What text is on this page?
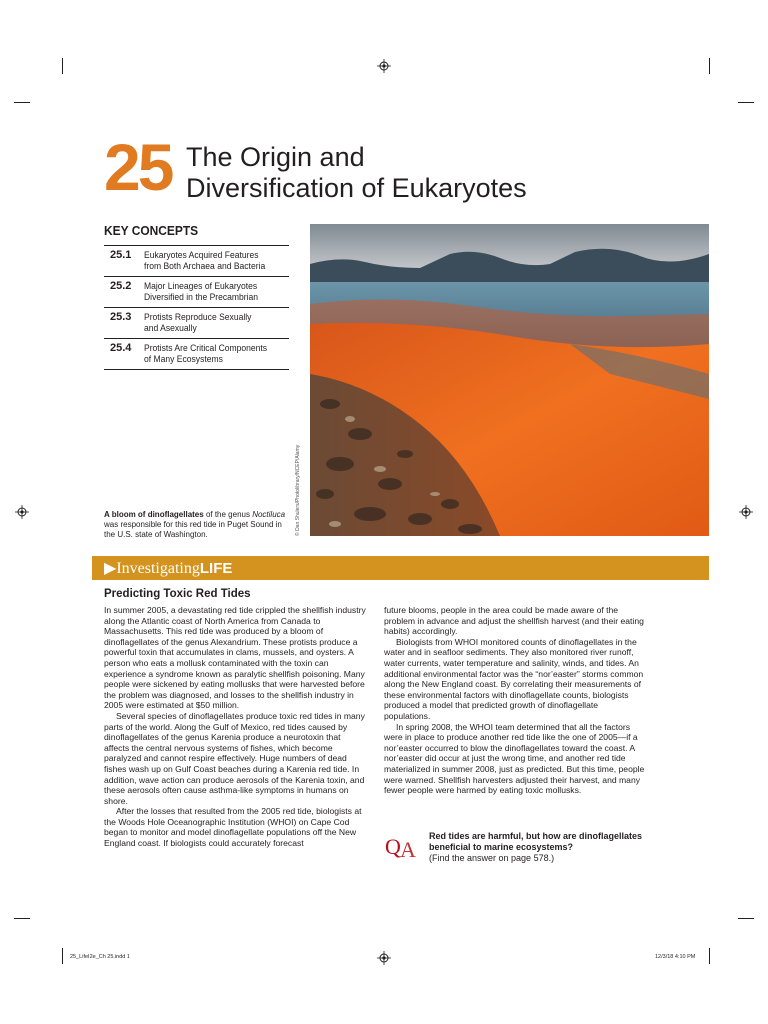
25 The Origin and
Diversification of Eukaryotes
KEY CONCEPTS
25.1	Eukaryotes Acquired Features
from Both Archaea and Bacteria
25.2	Major Lineages of Eukaryotes
Diversified in the Precambrian
25.3	Protists Reproduce Sexually
and Asexually
25.4	Protists Are Critical Components
of Many Ecosystems
© Dan Shulers/Photolibrary/NCEP/Alamy
A bloom of dinoflagellates of the genus Noctiluca was responsible for this red tide in Puget Sound in the U.S. state of Washington.
▶InvestigatingLIFE
Predicting Toxic Red Tides

In summer 2005, a devastating red tide crippled the shellfish industry along the Atlantic coast of North America from Canada to Massachusetts. This red tide was produced by a bloom of dinoflagellates of the genus Alexandrium. These protists produce a powerful toxin that accumulates in clams, mussels, and oysters. A person who eats a mollusk contaminated with the toxin can experience a syndrome known as paralytic shellfish poisoning. Many people were sickened by eating mollusks that were harvested before the problem was diagnosed, and losses to the shellfish industry in 2005 were estimated at $50 million.

Several species of dinoflagellates produce toxic red tides in many parts of the world. Along the Gulf of Mexico, red tides caused by dinoflagellates of the genus Karenia produce a neurotoxin that affects the central nervous systems of fishes, which become paralyzed and cannot respire effectively. Huge numbers of dead fishes wash up on Gulf Coast beaches during a Karenia red tide. In addition, wave action can produce aerosols of the Karenia toxin, and these aerosols often cause asthma-like symptoms in humans on shore.

After the losses that resulted from the 2005 red tide, biologists at the Woods Hole Oceanographic Institution (WHOI) on Cape Cod began to monitor and model dinoflagellate populations off the New England coast. If biologists could accurately forecast

future blooms, people in the area could be made aware of the problem in advance and adjust the shellfish harvest (and their eating habits) accordingly.

Biologists from WHOI monitored counts of dinoflagellates in the water and in seafloor sediments. They also monitored river runoff, water currents, water temperature and salinity, winds, and tides. An additional environmental factor was the “nor’easter” storms common along the New England coast. By correlating their measurements of these environmental factors with dinoflagellate counts, biologists produced a model that predicted growth of dinoflagellate populations.

In spring 2008, the WHOI team determined that all the factors were in place to produce another red tide like the one of 2005—if a nor’easter occurred to blow the dinoflagellates toward the coast. A nor’easter did occur at just the wrong time, and another red tide materialized in summer 2008, just as predicted. But this time, people were warned. Shellfish harvesters adjusted their harvest, and many fewer people were harmed by eating toxic mollusks.

Q A
Red tides are harmful, but how are dinoflagellates beneficial to marine ecosystems?
(Find the answer on page 578.)
25_LifeI2e_Ch 25.indd 1	12/3/18 4:10 PM
